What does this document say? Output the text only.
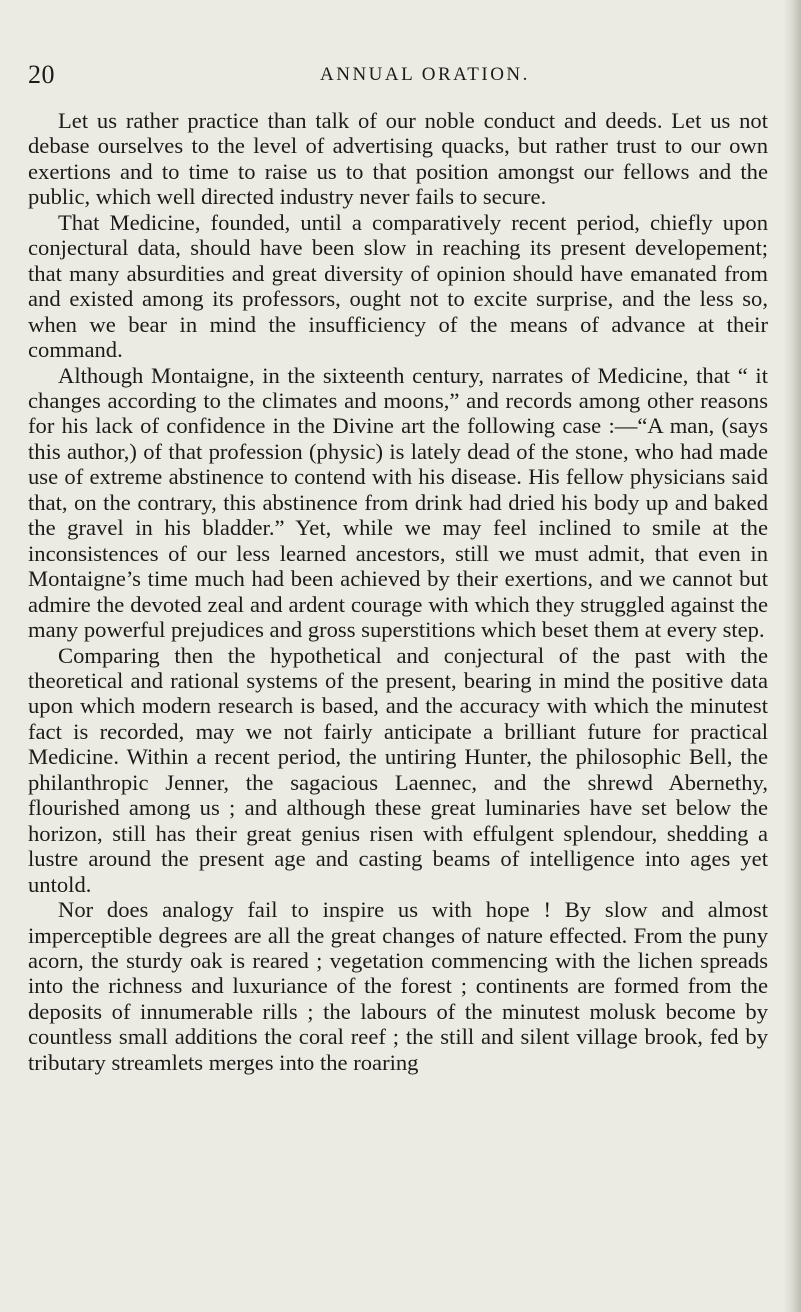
20	ANNUAL ORATION.

Let us rather practice than talk of our noble conduct and deeds. Let us not debase ourselves to the level of advertising quacks, but rather trust to our own exertions and to time to raise us to that position amongst our fellows and the public, which well directed industry never fails to secure.

That Medicine, founded, until a comparatively recent period, chiefly upon conjectural data, should have been slow in reaching its present developement; that many absurdities and great diversity of opinion should have emanated from and existed among its professors, ought not to excite surprise, and the less so, when we bear in mind the insufficiency of the means of advance at their command.

Although Montaigne, in the sixteenth century, narrates of Medicine, that “ it changes according to the climates and moons,” and records among other reasons for his lack of confidence in the Divine art the following case :—“A man, (says this author,) of that profession (physic) is lately dead of the stone, who had made use of extreme abstinence to contend with his disease. His fellow physicians said that, on the contrary, this abstinence from drink had dried his body up and baked the gravel in his bladder.” Yet, while we may feel inclined to smile at the inconsistences of our less learned ancestors, still we must admit, that even in Montaigne’s time much had been achieved by their exertions, and we cannot but admire the devoted zeal and ardent courage with which they struggled against the many powerful prejudices and gross superstitions which beset them at every step.

Comparing then the hypothetical and conjectural of the past with the theoretical and rational systems of the present, bearing in mind the positive data upon which modern research is based, and the accuracy with which the minutest fact is recorded, may we not fairly anticipate a brilliant future for practical Medicine. Within a recent period, the untiring Hunter, the philosophic Bell, the philanthropic Jenner, the sagacious Laennec, and the shrewd Abernethy, flourished among us ; and although these great luminaries have set below the horizon, still has their great genius risen with effulgent splendour, shedding a lustre around the present age and casting beams of intelligence into ages yet untold.

Nor does analogy fail to inspire us with hope ! By slow and almost imperceptible degrees are all the great changes of nature effected. From the puny acorn, the sturdy oak is reared ; vegetation commencing with the lichen spreads into the richness and luxuriance of the forest ; continents are formed from the deposits of innumerable rills ; the labours of the minutest molusk become by countless small additions the coral reef ; the still and silent village brook, fed by tributary streamlets merges into the roaring
